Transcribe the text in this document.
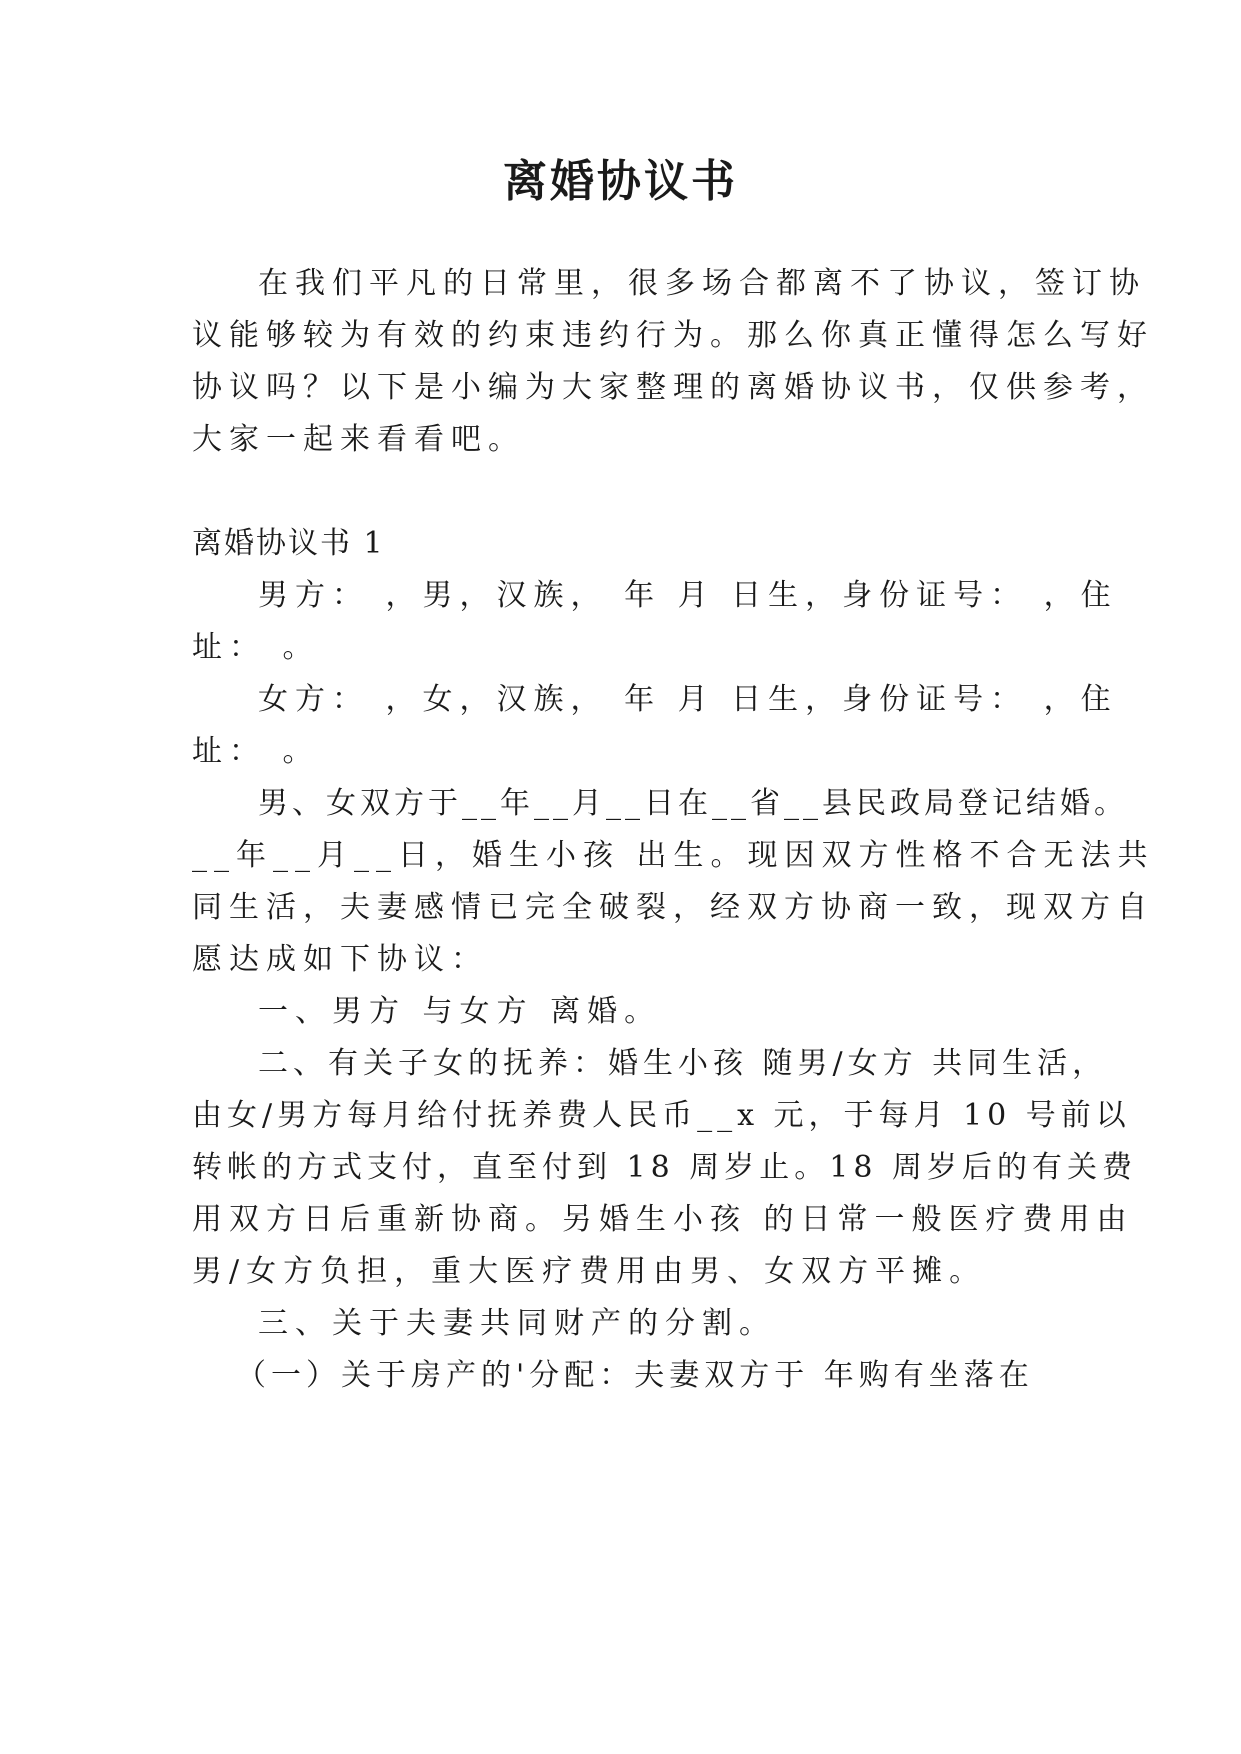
离婚协议书
在我们平凡的日常里，很多场合都离不了协议，签订协
议能够较为有效的约束违约行为。那么你真正懂得怎么写好
协议吗？以下是小编为大家整理的离婚协议书，仅供参考，
大家一起来看看吧。
离婚协议书 1
男方： ，男，汉族， 年 月 日生，身份证号： ，住
址： 。
女方： ，女，汉族， 年 月 日生，身份证号： ，住
址： 。
男、女双方于__年__月__日在__省__县民政局登记结婚。
__年__月__日，婚生小孩 出生。现因双方性格不合无法共
同生活，夫妻感情已完全破裂，经双方协商一致，现双方自
愿达成如下协议：
一、男方 与女方 离婚。
二、有关子女的抚养：婚生小孩 随男/女方 共同生活，
由女/男方每月给付抚养费人民币__x 元，于每月 10 号前以
转帐的方式支付，直至付到 18 周岁止。18 周岁后的有关费
用双方日后重新协商。另婚生小孩 的日常一般医疗费用由
男/女方负担，重大医疗费用由男、女双方平摊。
三、关于夫妻共同财产的分割。
（一）关于房产的'分配：夫妻双方于 年购有坐落在
